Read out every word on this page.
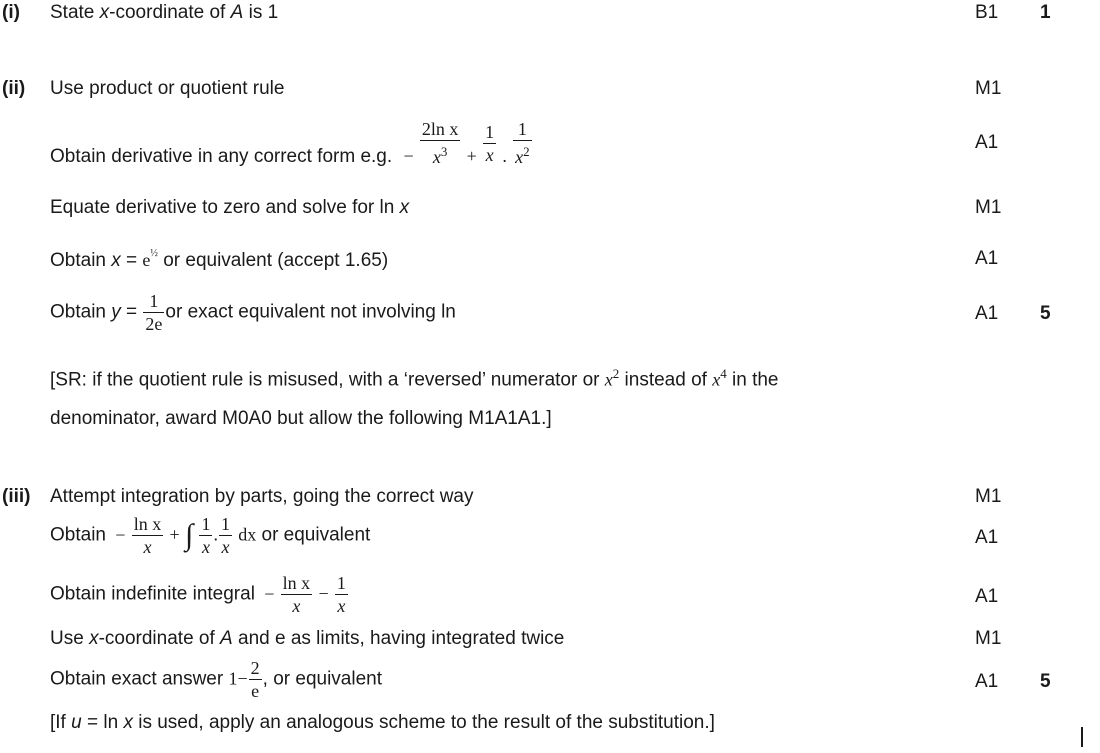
(i) State x-coordinate of A is 1	B1 1
(ii) Use product or quotient rule	M1
Obtain derivative in any correct form e.g. − $\frac{\text{2ln x}}{x^3} + \frac{1}{x}$ . $\frac{1}{x^2}$	A1
Equate derivative to zero and solve for ln x	M1
Obtain $x = e^{\frac{1}{2}}$ or equivalent (accept 1.65)	A1
Obtain $y = \frac{1}{2e}$ or exact equivalent not involving ln	A1 5
[SR: if the quotient rule is misused, with a ‘reversed’ numerator or $x^2$ instead of $x^4$ in the
denominator, award M0A0 but allow the following M1A1A1.]
(iii) Attempt integration by parts, going the correct way	M1
Obtain − $\frac{\text{ln x}}{x}$ + ∫ $\frac{1}{x}$ . $\frac{1}{x}$ dx or equivalent	A1
Obtain indefinite integral − $\frac{\text{ln x}}{x} - \frac{1}{x}$	A1
Use x-coordinate of A and e as limits, having integrated twice	M1
Obtain exact answer $1- \frac{2}{e}$ , or equivalent	A1 5
[If u = ln x is used, apply an analogous scheme to the result of the substitution.]
